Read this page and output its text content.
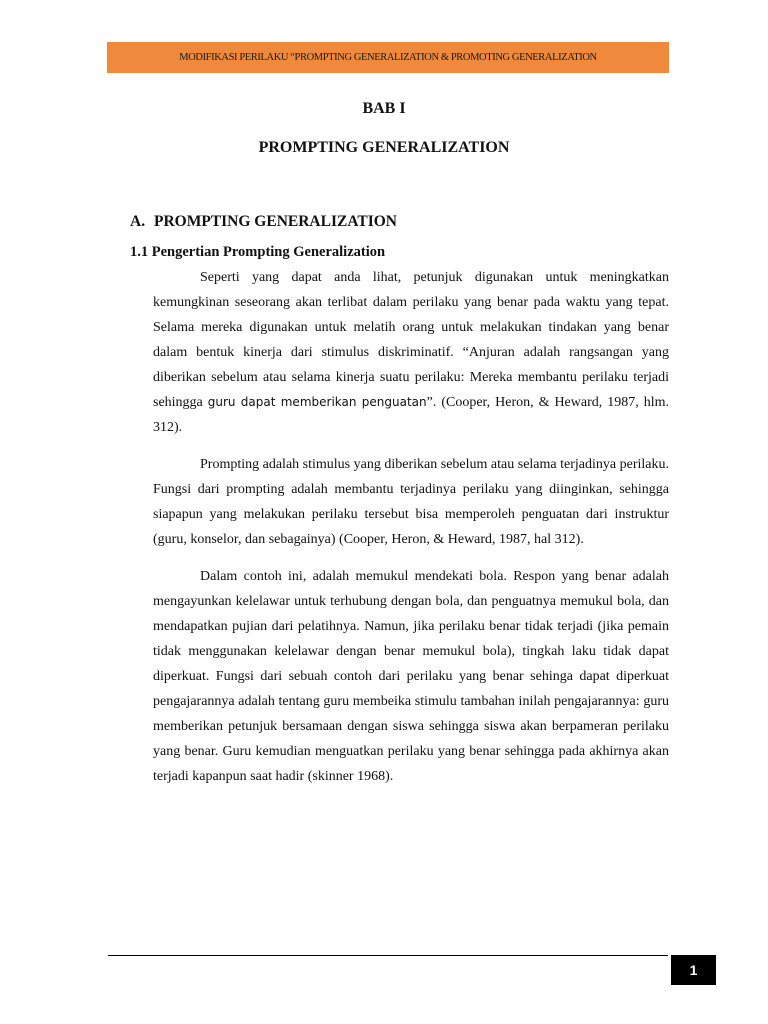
MODIFIKASI PERILAKU “PROMPTING GENERALIZATION & PROMOTING GENERALIZATION
BAB I
PROMPTING GENERALIZATION
A. PROMPTING GENERALIZATION
1.1 Pengertian Prompting Generalization

Seperti yang dapat anda lihat, petunjuk digunakan untuk meningkatkan kemungkinan seseorang akan terlibat dalam perilaku yang benar pada waktu yang tepat. Selama mereka digunakan untuk melatih orang untuk melakukan tindakan yang benar dalam bentuk kinerja dari stimulus diskriminatif. “Anjuran adalah rangsangan yang diberikan sebelum atau selama kinerja suatu perilaku: Mereka membantu perilaku terjadi sehingga guru dapat memberikan penguatan”. (Cooper, Heron, & Heward, 1987, hlm. 312).

Prompting adalah stimulus yang diberikan sebelum atau selama terjadinya perilaku. Fungsi dari prompting adalah membantu terjadinya perilaku yang diinginkan, sehingga siapapun yang melakukan perilaku tersebut bisa memperoleh penguatan dari instruktur (guru, konselor, dan sebagainya) (Cooper, Heron, & Heward, 1987, hal 312).

Dalam contoh ini, adalah memukul mendekati bola. Respon yang benar adalah mengayunkan kelelawar untuk terhubung dengan bola, dan penguatnya memukul bola, dan mendapatkan pujian dari pelatihnya. Namun, jika perilaku benar tidak terjadi (jika pemain tidak menggunakan kelelawar dengan benar memukul bola), tingkah laku tidak dapat diperkuat. Fungsi dari sebuah contoh dari perilaku yang benar sehinga dapat diperkuat pengajarannya adalah tentang guru membeika stimulu tambahan inilah pengajarannya: guru memberikan petunjuk bersamaan dengan siswa sehingga siswa akan berpameran perilaku yang benar. Guru kemudian menguatkan perilaku yang benar sehingga pada akhirnya akan terjadi kapanpun saat hadir (skinner 1968).

1
